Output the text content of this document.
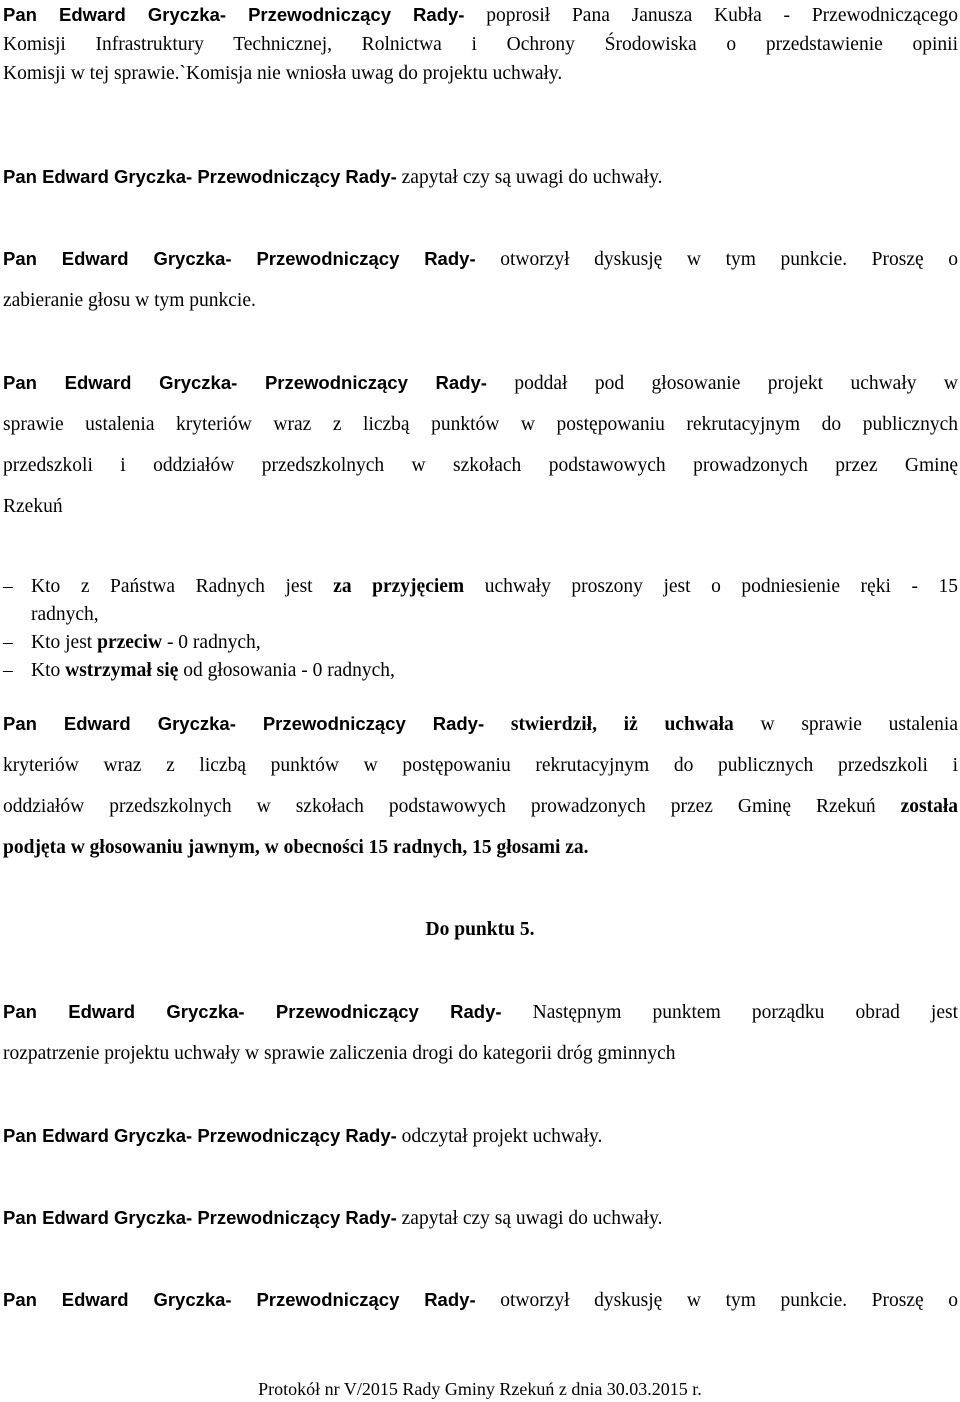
Pan Edward Gryczka- Przewodniczący Rady- poprosił Pana Janusza Kubła - Przewodniczącego
Komisji Infrastruktury Technicznej, Rolnictwa i Ochrony Środowiska o przedstawienie opinii
Komisji w tej sprawie.`Komisja nie wniosła uwag do projektu uchwały.
Pan Edward Gryczka- Przewodniczący Rady- zapytał czy są uwagi do uchwały.
Pan Edward Gryczka- Przewodniczący Rady- otworzył dyskusję w tym punkcie. Proszę o
zabieranie głosu w tym punkcie.
Pan Edward Gryczka- Przewodniczący Rady- poddał pod głosowanie projekt uchwały w
sprawie ustalenia kryteriów wraz z liczbą punktów w postępowaniu rekrutacyjnym do publicznych
przedszkoli i oddziałów przedszkolnych w szkołach podstawowych prowadzonych przez Gminę
Rzekuń
– Kto z Państwa Radnych jest za przyjęciem uchwały proszony jest o podniesienie ręki - 15
radnych,
– Kto jest przeciw - 0 radnych,
– Kto wstrzymał się od głosowania - 0 radnych,
Pan Edward Gryczka- Przewodniczący Rady- stwierdził, iż uchwała w sprawie ustalenia
kryteriów wraz z liczbą punktów w postępowaniu rekrutacyjnym do publicznych przedszkoli i
oddziałów przedszkolnych w szkołach podstawowych prowadzonych przez Gminę Rzekuń została
podjęta w głosowaniu jawnym, w obecności 15 radnych, 15 głosami za.
Do punktu 5.
Pan Edward Gryczka- Przewodniczący Rady- Następnym punktem porządku obrad jest
rozpatrzenie projektu uchwały w sprawie zaliczenia drogi do kategorii dróg gminnych
Pan Edward Gryczka- Przewodniczący Rady- odczytał projekt uchwały.
Pan Edward Gryczka- Przewodniczący Rady- zapytał czy są uwagi do uchwały.
Pan Edward Gryczka- Przewodniczący Rady- otworzył dyskusję w tym punkcie. Proszę o
Protokół nr V/2015 Rady Gminy Rzekuń z dnia 30.03.2015 r.
